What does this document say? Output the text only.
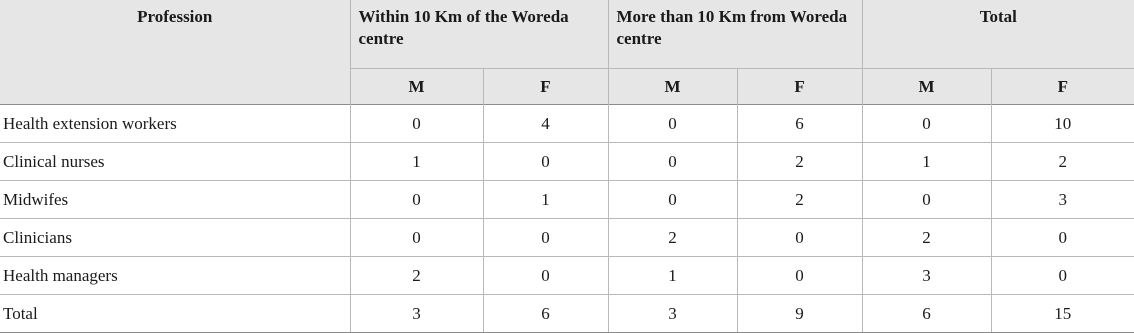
Profession	Within 10 Km of the Woreda centre		More than 10 Km from Woreda centre		Total	

	M	F	M	F	M	F
Health extension workers	0	4	0	6	0	10
Clinical nurses	1	0	0	2	1	2
Midwifes	0	1	0	2	0	3
Clinicians	0	0	2	0	2	0
Health managers	2	0	1	0	3	0
Total	3	6	3	9	6	15
